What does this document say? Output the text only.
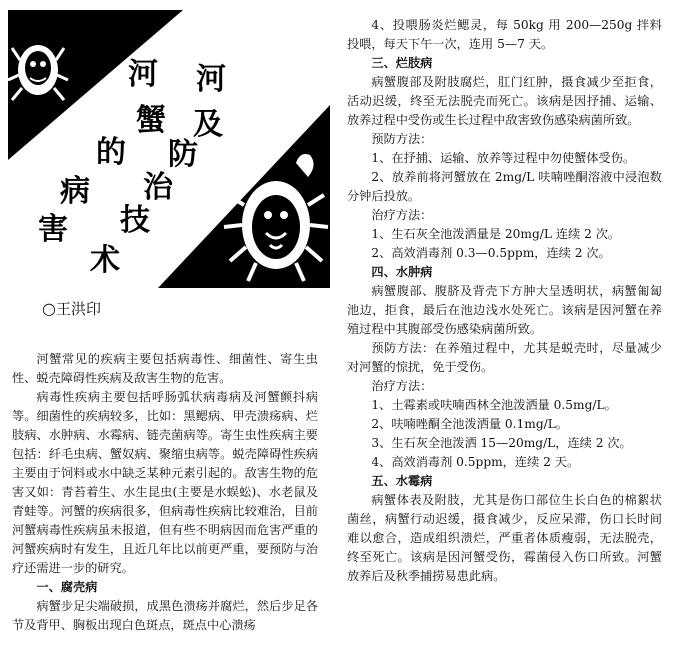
河 河
蟹 及
的 防
病 治
技
害
术
○王洪印

河蟹常见的疾病主要包括病毒性、细菌性、寄生虫性、蜕壳障碍性疾病及敌害生物的危害。

病毒性疾病主要包括呼肠弧状病毒病及河蟹颤抖病等。细菌性的疾病较多，比如：黑鳃病、甲壳溃疡病、烂肢病、水肿病、水霉病、链壳菌病等。寄生虫性疾病主要包括：纤毛虫病、蟹奴病、聚缩虫病等。蜕壳障碍性疾病主要由于饲料或水中缺乏某种元素引起的。敌害生物的危害又如：青苔着生、水生昆虫(主要是水蜈蚣)、水老鼠及青蛙等。河蟹的疾病很多，但病毒性疾病比较难治，目前河蟹病毒性疾病虽未报道，但有些不明病因而危害严重的河蟹疾病时有发生，且近几年比以前更严重，要预防与治疗还需进一步的研究。

一、腐壳病

病蟹步足尖端破损，成黑色溃疡并腐烂，然后步足各节及背甲、胸板出现白色斑点，斑点中心溃疡

4、投喂肠炎烂鳃灵，每 50kg 用 200—250g 拌料投喂，每天下午一次，连用 5—7 天。

三、烂肢病

病蟹腹部及附肢腐烂，肛门红肿，摄食减少至拒食，活动迟缓，终至无法脱壳而死亡。该病是因抒捕、运输、放养过程中受伤或生长过程中敌害致伤感染病菌所致。

预防方法：

1、在抒捕、运输、放养等过程中勿使蟹体受伤。

2、放养前将河蟹放在 2mg/L 呋喃唑酮溶液中浸泡数分钟后投放。

治疗方法：

1、生石灰全池泼洒量是 20mg/L 连续 2 次。

2、高效消毒剂 0.3—0.5ppm，连续 2 次。

四、水肿病

病蟹腹部、腹脐及背壳下方肿大呈透明状，病蟹匍匐池边，拒食，最后在池边浅水处死亡。该病是因河蟹在养殖过程中其腹部受伤感染病菌所致。

预防方法：在养殖过程中，尤其是蜕壳时，尽量减少对河蟹的惊扰，免于受伤。

治疗方法：

1、土霉素或呋喃西林全池泼洒量 0.5mg/L。

2、呋喃唑酮全池泼洒量 0.1mg/L。

3、生石灰全池泼洒 15—20mg/L，连续 2 次。

4、高效消毒剂 0.5ppm，连续 2 天。

五、水霉病

病蟹体表及附肢，尤其是伤口部位生长白色的棉絮状菌丝，病蟹行动迟缓，摄食减少，反应呆滞，伤口长时间难以愈合，造成组织溃烂，严重者体质瘦弱，无法脱壳，终至死亡。该病是因河蟹受伤，霉菌侵入伤口所致。河蟹放养后及秋季捕捞易患此病。
